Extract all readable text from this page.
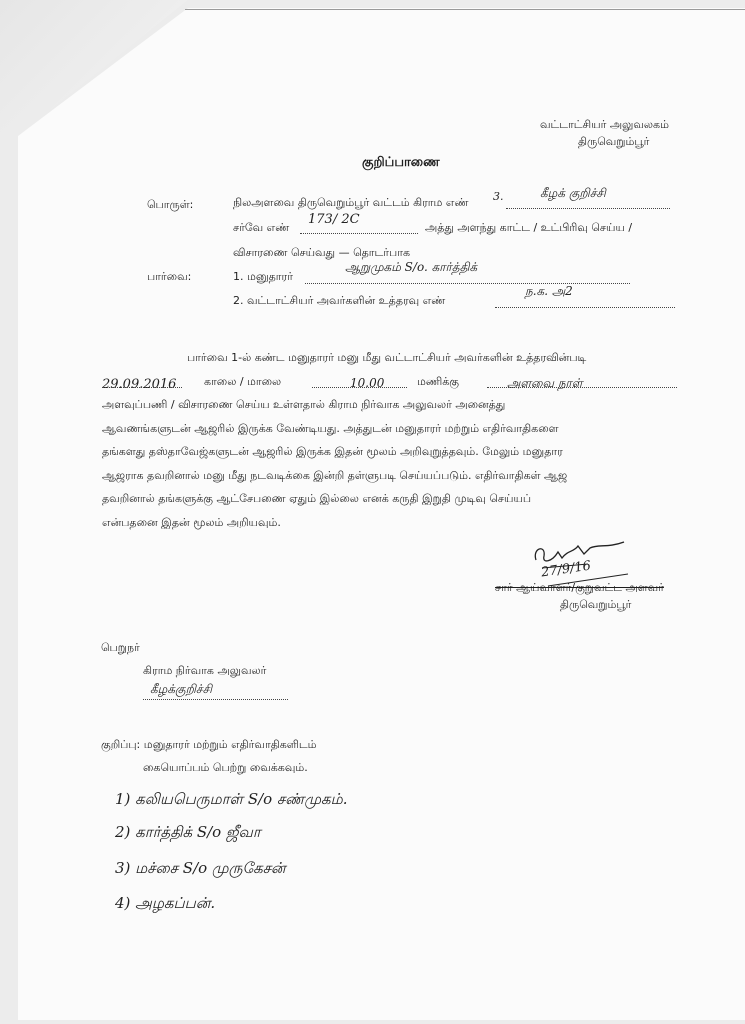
வட்டாட்சியர் அலுவலகம்
திருவெறும்பூர்
குறிப்பாணை
பொருள்:	நிலஅளவை திருவெறும்பூர் வட்டம் கிராம எண் 3.	கீழக் குறிச்சி
சர்வே எண்
173/ 2C
அத்து அளந்து காட்ட / உட்பிரிவு செய்ய /
விசாரணை செய்வது — தொடர்பாக
பார்வை:	1. மனுதாரர்
ஆறுமுகம் S/o. கார்த்திக்
2. வட்டாட்சியர் அவர்களின் உத்தரவு எண்
ந.க. அ2
பார்வை 1-ல் கண்ட மனுதாரர் மனு மீது வட்டாட்சியர் அவர்களின் உத்தரவின்படி
29.09.2016	காலை / மாலை	10.00	மணிக்கு	அளவை நாள்
அளவுப்பணி / விசாரணை செய்ய உள்ளதால் கிராம நிர்வாக அலுவலர் அனைத்து
ஆவணங்களுடன் ஆஜரில் இருக்க வேண்டியது. அத்துடன் மனுதாரர் மற்றும் எதிர்வாதிகளை
தங்களது தஸ்தாவேஜ்களுடன் ஆஜரில் இருக்க இதன் மூலம் அறிவுறுத்தவும். மேலும் மனுதார
ஆஜராக தவறினால் மனு மீது நடவடிக்கை இன்றி தள்ளுபடி செய்யப்படும். எதிர்வாதிகள் ஆஜ
தவறினால் தங்களுக்கு ஆட்சேபணை ஏதும் இல்லை எனக் கருதி இறுதி முடிவு செய்யப்
என்பதனை இதன் மூலம் அறியவும்.
27/9/16
சார் ஆய்வாளர்/குறுவட்ட அளவர்
திருவெறும்பூர்
பெறுநர்
கிராம நிர்வாக அலுவலர்
கீழக்குறிச்சி
குறிப்பு: மனுதாரர் மற்றும் எதிர்வாதிகளிடம்
கையொப்பம் பெற்று வைக்கவும்.
1) கலியபெருமாள் S/o சண்முகம்.
2) கார்த்திக் S/o ஜீவா
3) மச்சை S/o முருகேசன்
4) அழகப்பன்.
